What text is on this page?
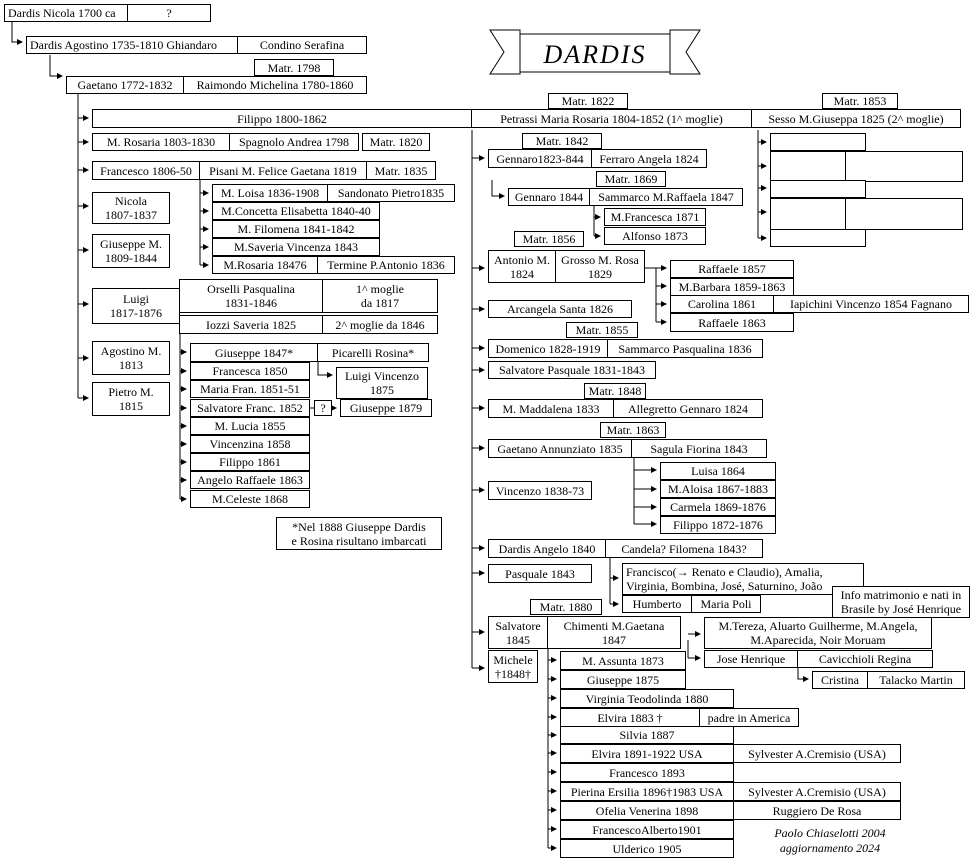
DARDIS
Dardis Nicola 1700 ca	?
Dardis Agostino 1735-1810 Ghiandaro	Condino Serafina
Matr. 1798
Gaetano 1772-1832	Raimondo Michelina 1780-1860
Filippo 1800-1862
Matr. 1822
Petrassi Maria Rosaria 1804-1852 (1^ moglie)
Matr. 1853
Sesso M.Giuseppa 1825 (2^ moglie)
M. Rosaria 1803-1830	Spagnolo Andrea 1798	Matr. 1820
Francesco 1806-50	Pisani M. Felice Gaetana 1819	Matr. 1835
Nicola
1807-1837
M. Loisa 1836-1908	Sandonato Pietro1835
M.Concetta Elisabetta 1840-40
M. Filomena 1841-1842
Giuseppe M.
1809-1844
M.Saveria Vincenza 1843
M.Rosaria 18476	Termine P.Antonio 1836
Luigi
1817-1876
Orselli Pasqualina
1831-1846
1^ moglie
da 1817
Iozzi Saveria 1825	2^ moglie da 1846
Agostino M.
1813
Pietro M.
1815
Giuseppe 1847*	Picarelli Rosina*
Francesca 1850	Luigi Vincenzo
1875
Maria Fran. 1851-51
Salvatore Franc. 1852	?	Giuseppe 1879
M. Lucia 1855
Vincenzina 1858
Filippo 1861
Angelo Raffaele 1863
M.Celeste 1868
*Nel 1888 Giuseppe Dardis
e Rosina risultano imbarcati
Matr. 1842
Gennaro1823-844	Ferraro Angela 1824
Matr. 1869
Gennaro 1844	Sammarco M.Raffaela 1847
M.Francesca 1871
Alfonso 1873
Matr. 1856
Antonio M.
1824
Grosso M. Rosa
1829	Raffaele 1857
M.Barbara 1859-1863
Carolina 1861	Iapichini Vincenzo 1854 Fagnano
Raffaele 1863
Arcangela Santa 1826
Matr. 1855
Domenico 1828-1919	Sammarco Pasqualina 1836
Salvatore Pasquale 1831-1843
Matr. 1848
M. Maddalena 1833	Allegretto Gennaro 1824
Matr. 1863
Gaetano Annunziato 1835	Sagula Fiorina 1843
Luisa 1864
M.Aloisa 1867-1883
Carmela 1869-1876
Filippo 1872-1876
Vincenzo 1838-73
Dardis Angelo 1840	Candela? Filomena 1843?
Pasquale 1843	Francisco(→ Renato e Claudio), Amalia,
Virginia, Bombina, José, Saturnino, João
Info matrimonio e nati in
Brasile by José Henrique
Humberto	Maria Poli
Matr. 1880
Salvatore
1845
Chimenti M.Gaetana
1847
M.Tereza, Aluarto Guilherme, M.Angela,
M.Aparecida, Noir Moruam
Michele
†1848†
Jose Henrique	Cavicchioli Regina
Cristina	Talacko Martin
M. Assunta 1873
Giuseppe 1875
Virginia Teodolinda 1880
Elvira 1883 †	padre in America
Silvia 1887
Elvira 1891-1922 USA	Sylvester A.Cremisio (USA)
Francesco 1893
Pierina Ersilia 1896†1983 USA	Sylvester A.Cremisio (USA)
Ofelia Venerina 1898	Ruggiero De Rosa
FrancescoAlberto1901
Ulderico 1905
Paolo Chiaselotti 2004
aggiornamento 2024
